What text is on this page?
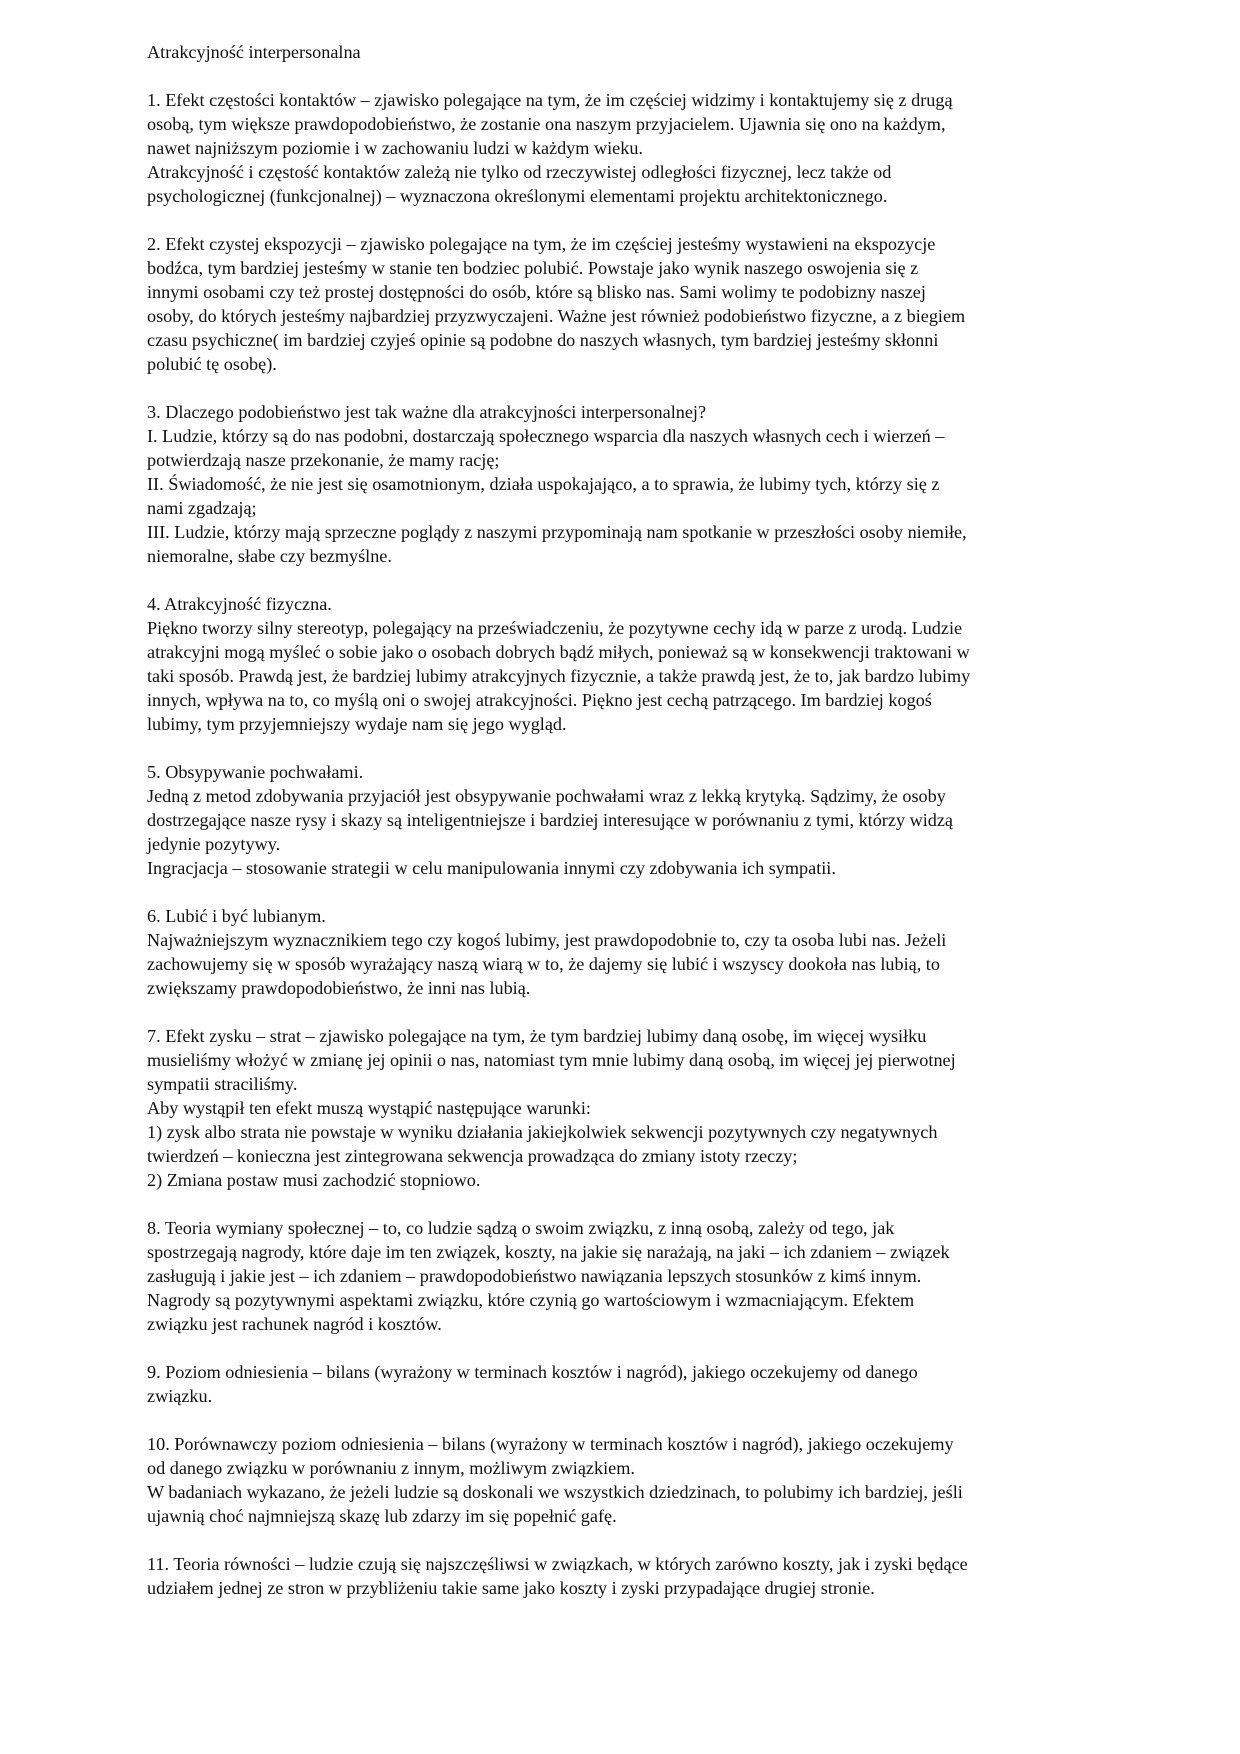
Atrakcyjność interpersonalna
1. Efekt częstości kontaktów – zjawisko polegające na tym, że im częściej widzimy i kontaktujemy się z drugą
osobą, tym większe prawdopodobieństwo, że zostanie ona naszym przyjacielem. Ujawnia się ono na każdym,
nawet najniższym poziomie i w zachowaniu ludzi w każdym wieku.
Atrakcyjność i częstość kontaktów zależą nie tylko od rzeczywistej odległości fizycznej, lecz także od
psychologicznej (funkcjonalnej) – wyznaczona określonymi elementami projektu architektonicznego.
2. Efekt czystej ekspozycji – zjawisko polegające na tym, że im częściej jesteśmy wystawieni na ekspozycje
bodźca, tym bardziej jesteśmy w stanie ten bodziec polubić. Powstaje jako wynik naszego oswojenia się z
innymi osobami czy też prostej dostępności do osób, które są blisko nas. Sami wolimy te podobizny naszej
osoby, do których jesteśmy najbardziej przyzwyczajeni. Ważne jest również podobieństwo fizyczne, a z biegiem
czasu psychiczne( im bardziej czyjeś opinie są podobne do naszych własnych, tym bardziej jesteśmy skłonni
polubić tę osobę).
3. Dlaczego podobieństwo jest tak ważne dla atrakcyjności interpersonalnej?
I. Ludzie, którzy są do nas podobni, dostarczają społecznego wsparcia dla naszych własnych cech i wierzeń –
potwierdzają nasze przekonanie, że mamy rację;
II. Świadomość, że nie jest się osamotnionym, działa uspokajająco, a to sprawia, że lubimy tych, którzy się z
nami zgadzają;
III. Ludzie, którzy mają sprzeczne poglądy z naszymi przypominają nam spotkanie w przeszłości osoby niemiłe,
niemoralne, słabe czy bezmyślne.
4. Atrakcyjność fizyczna.
Piękno tworzy silny stereotyp, polegający na przeświadczeniu, że pozytywne cechy idą w parze z urodą. Ludzie
atrakcyjni mogą myśleć o sobie jako o osobach dobrych bądź miłych, ponieważ są w konsekwencji traktowani w
taki sposób. Prawdą jest, że bardziej lubimy atrakcyjnych fizycznie, a także prawdą jest, że to, jak bardzo lubimy
innych, wpływa na to, co myślą oni o swojej atrakcyjności. Piękno jest cechą patrzącego. Im bardziej kogoś
lubimy, tym przyjemniejszy wydaje nam się jego wygląd.
5. Obsypywanie pochwałami.
Jedną z metod zdobywania przyjaciół jest obsypywanie pochwałami wraz z lekką krytyką. Sądzimy, że osoby
dostrzegające nasze rysy i skazy są inteligentniejsze i bardziej interesujące w porównaniu z tymi, którzy widzą
jedynie pozytywy.
Ingracjacja – stosowanie strategii w celu manipulowania innymi czy zdobywania ich sympatii.
6. Lubić i być lubianym.
Najważniejszym wyznacznikiem tego czy kogoś lubimy, jest prawdopodobnie to, czy ta osoba lubi nas. Jeżeli
zachowujemy się w sposób wyrażający naszą wiarą w to, że dajemy się lubić i wszyscy dookoła nas lubią, to
zwiększamy prawdopodobieństwo, że inni nas lubią.
7. Efekt zysku – strat – zjawisko polegające na tym, że tym bardziej lubimy daną osobę, im więcej wysiłku
musieliśmy włożyć w zmianę jej opinii o nas, natomiast tym mnie lubimy daną osobą, im więcej jej pierwotnej
sympatii straciliśmy.
Aby wystąpił ten efekt muszą wystąpić następujące warunki:
1) zysk albo strata nie powstaje w wyniku działania jakiejkolwiek sekwencji pozytywnych czy negatywnych
twierdzeń – konieczna jest zintegrowana sekwencja prowadząca do zmiany istoty rzeczy;
2) Zmiana postaw musi zachodzić stopniowo.
8. Teoria wymiany społecznej – to, co ludzie sądzą o swoim związku, z inną osobą, zależy od tego, jak
spostrzegają nagrody, które daje im ten związek, koszty, na jakie się narażają, na jaki – ich zdaniem – związek
zasługują i jakie jest – ich zdaniem – prawdopodobieństwo nawiązania lepszych stosunków z kimś innym.
Nagrody są pozytywnymi aspektami związku, które czynią go wartościowym i wzmacniającym. Efektem
związku jest rachunek nagród i kosztów.
9. Poziom odniesienia – bilans (wyrażony w terminach kosztów i nagród), jakiego oczekujemy od danego
związku.
10. Porównawczy poziom odniesienia – bilans (wyrażony w terminach kosztów i nagród), jakiego oczekujemy
od danego związku w porównaniu z innym, możliwym związkiem.
W badaniach wykazano, że jeżeli ludzie są doskonali we wszystkich dziedzinach, to polubimy ich bardziej, jeśli
ujawnią choć najmniejszą skazę lub zdarzy im się popełnić gafę.
11. Teoria równości – ludzie czują się najszczęśliwsi w związkach, w których zarówno koszty, jak i zyski będące
udziałem jednej ze stron w przybliżeniu takie same jako koszty i zyski przypadające drugiej stronie.
